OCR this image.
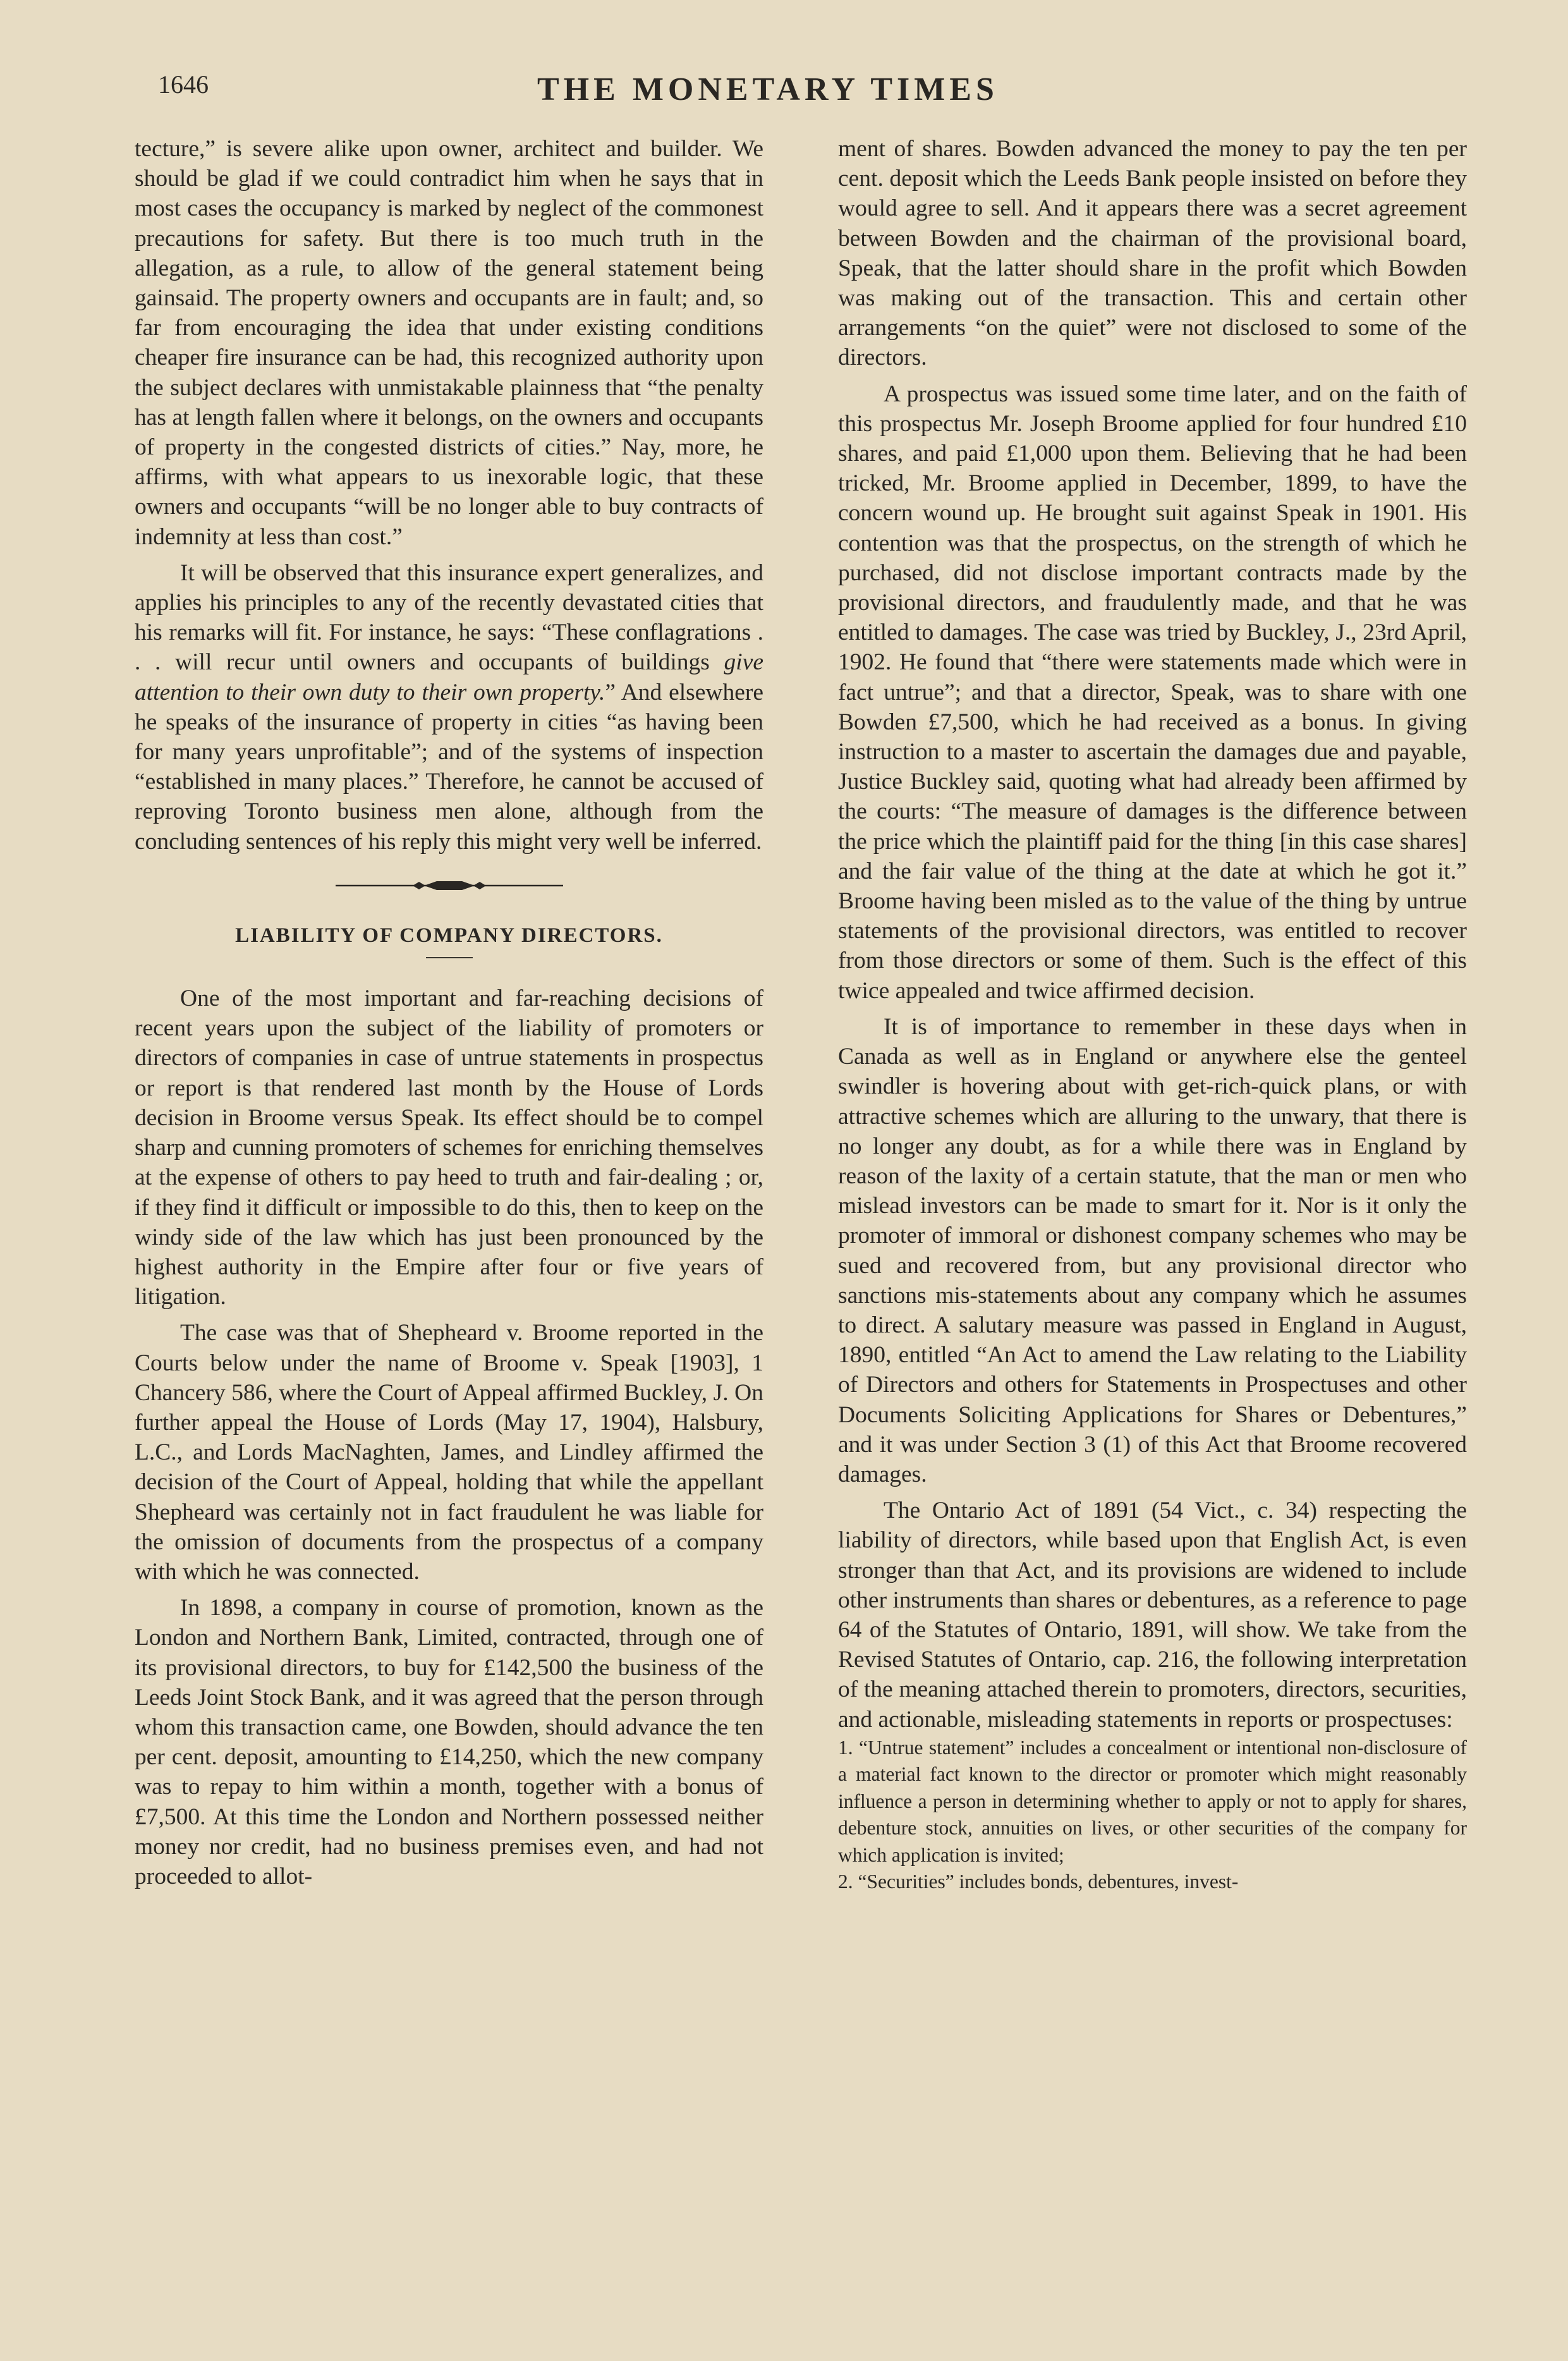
1646	THE MONETARY TIMES

tecture,” is severe alike upon owner, architect and builder. We should be glad if we could contradict him when he says that in most cases the occupancy is marked by neglect of the commonest precautions for safety. But there is too much truth in the allegation, as a rule, to allow of the general statement being gainsaid. The property owners and occupants are in fault; and, so far from encouraging the idea that under existing conditions cheaper fire insurance can be had, this recognized authority upon the subject declares with unmistakable plainness that “the penalty has at length fallen where it belongs, on the owners and occupants of property in the congested districts of cities.” Nay, more, he affirms, with what appears to us inexorable logic, that these owners and occupants “will be no longer able to buy contracts of indemnity at less than cost.”

It will be observed that this insurance expert generalizes, and applies his principles to any of the recently devastated cities that his remarks will fit. For instance, he says: “These conflagrations . . . will recur until owners and occupants of buildings give attention to their own duty to their own property.” And elsewhere he speaks of the insurance of property in cities “as having been for many years unprofitable”; and of the systems of inspection “established in many places.” Therefore, he cannot be accused of reproving Toronto business men alone, although from the concluding sentences of his reply this might very well be inferred.

LIABILITY OF COMPANY DIRECTORS.

One of the most important and far-reaching decisions of recent years upon the subject of the liability of promoters or directors of companies in case of untrue statements in prospectus or report is that rendered last month by the House of Lords decision in Broome versus Speak. Its effect should be to compel sharp and cunning promoters of schemes for enriching themselves at the expense of others to pay heed to truth and fair-dealing ; or, if they find it difficult or impossible to do this, then to keep on the windy side of the law which has just been pronounced by the highest authority in the Empire after four or five years of litigation.

The case was that of Shepheard v. Broome reported in the Courts below under the name of Broome v. Speak [1903], 1 Chancery 586, where the Court of Appeal affirmed Buckley, J. On further appeal the House of Lords (May 17, 1904), Halsbury, L.C., and Lords MacNaghten, James, and Lindley affirmed the decision of the Court of Appeal, holding that while the appellant Shepheard was certainly not in fact fraudulent he was liable for the omission of documents from the prospectus of a company with which he was connected.

In 1898, a company in course of promotion, known as the London and Northern Bank, Limited, contracted, through one of its provisional directors, to buy for £142,500 the business of the Leeds Joint Stock Bank, and it was agreed that the person through whom this transaction came, one Bowden, should advance the ten per cent. deposit, amounting to £14,250, which the new company was to repay to him within a month, together with a bonus of £7,500. At this time the London and Northern possessed neither money nor credit, had no business premises even, and had not proceeded to allot-

ment of shares. Bowden advanced the money to pay the ten per cent. deposit which the Leeds Bank people insisted on before they would agree to sell. And it appears there was a secret agreement between Bowden and the chairman of the provisional board, Speak, that the latter should share in the profit which Bowden was making out of the transaction. This and certain other arrangements “on the quiet” were not disclosed to some of the directors.

A prospectus was issued some time later, and on the faith of this prospectus Mr. Joseph Broome applied for four hundred £10 shares, and paid £1,000 upon them. Believing that he had been tricked, Mr. Broome applied in December, 1899, to have the concern wound up. He brought suit against Speak in 1901. His contention was that the prospectus, on the strength of which he purchased, did not disclose important contracts made by the provisional directors, and fraudulently made, and that he was entitled to damages. The case was tried by Buckley, J., 23rd April, 1902. He found that “there were statements made which were in fact untrue”; and that a director, Speak, was to share with one Bowden £7,500, which he had received as a bonus. In giving instruction to a master to ascertain the damages due and payable, Justice Buckley said, quoting what had already been affirmed by the courts: “The measure of damages is the difference between the price which the plaintiff paid for the thing [in this case shares] and the fair value of the thing at the date at which he got it.” Broome having been misled as to the value of the thing by untrue statements of the provisional directors, was entitled to recover from those directors or some of them. Such is the effect of this twice appealed and twice affirmed decision.

It is of importance to remember in these days when in Canada as well as in England or anywhere else the genteel swindler is hovering about with get-rich-quick plans, or with attractive schemes which are alluring to the unwary, that there is no longer any doubt, as for a while there was in England by reason of the laxity of a certain statute, that the man or men who mislead investors can be made to smart for it. Nor is it only the promoter of immoral or dishonest company schemes who may be sued and recovered from, but any provisional director who sanctions mis-statements about any company which he assumes to direct. A salutary measure was passed in England in August, 1890, entitled “An Act to amend the Law relating to the Liability of Directors and others for Statements in Prospectuses and other Documents Soliciting Applications for Shares or Debentures,” and it was under Section 3 (1) of this Act that Broome recovered damages.

The Ontario Act of 1891 (54 Vict., c. 34) respecting the liability of directors, while based upon that English Act, is even stronger than that Act, and its provisions are widened to include other instruments than shares or debentures, as a reference to page 64 of the Statutes of Ontario, 1891, will show. We take from the Revised Statutes of Ontario, cap. 216, the following interpretation of the meaning attached therein to promoters, directors, securities, and actionable, misleading statements in reports or prospectuses:

1. “Untrue statement” includes a concealment or intentional non-disclosure of a material fact known to the director or promoter which might reasonably influence a person in determining whether to apply or not to apply for shares, debenture stock, annuities on lives, or other securities of the company for which application is invited;

2. “Securities” includes bonds, debentures, invest-
